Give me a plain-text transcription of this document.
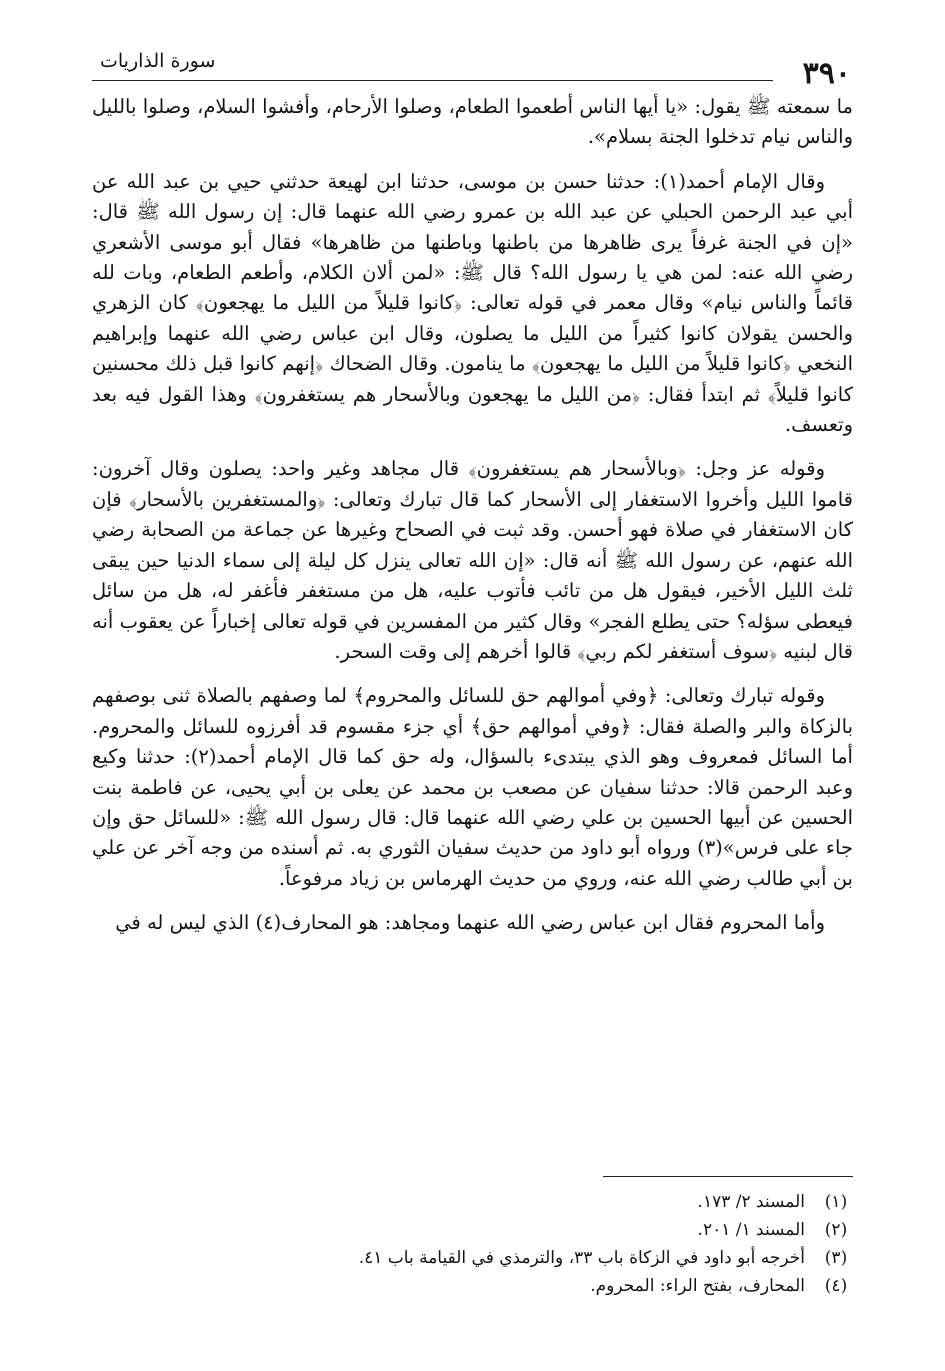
سورة الذاريات	٣٩٠

ما سمعته ﷺ يقول: «يا أيها الناس أطعموا الطعام، وصلوا الأرحام، وأفشوا السلام، وصلوا بالليل والناس نيام تدخلوا الجنة بسلام».

وقال الإمام أحمد(١): حدثنا حسن بن موسى، حدثنا ابن لهيعة حدثني حيي بن عبد الله عن أبي عبد الرحمن الحبلي عن عبد الله بن عمرو رضي الله عنهما قال: إن رسول الله ﷺ قال: «إن في الجنة غرفاً يرى ظاهرها من باطنها وباطنها من ظاهرها» فقال أبو موسى الأشعري رضي الله عنه: لمن هي يا رسول الله؟ قال ﷺ: «لمن ألان الكلام، وأطعم الطعام، وبات لله قائماً والناس نيام» وقال معمر في قوله تعالى: ﴿كانوا قليلاً من الليل ما يهجعون﴾ كان الزهري والحسن يقولان كانوا كثيراً من الليل ما يصلون، وقال ابن عباس رضي الله عنهما وإبراهيم النخعي ﴿كانوا قليلاً من الليل ما يهجعون﴾ ما ينامون. وقال الضحاك ﴿إنهم كانوا قبل ذلك محسنين كانوا قليلاً﴾ ثم ابتدأ فقال: ﴿من الليل ما يهجعون وبالأسحار هم يستغفرون﴾ وهذا القول فيه بعد وتعسف.

وقوله عز وجل: ﴿وبالأسحار هم يستغفرون﴾ قال مجاهد وغير واحد: يصلون وقال آخرون: قاموا الليل وأخروا الاستغفار إلى الأسحار كما قال تبارك وتعالى: ﴿والمستغفرين بالأسحار﴾ فإن كان الاستغفار في صلاة فهو أحسن. وقد ثبت في الصحاح وغيرها عن جماعة من الصحابة رضي الله عنهم، عن رسول الله ﷺ أنه قال: «إن الله تعالى ينزل كل ليلة إلى سماء الدنيا حين يبقى ثلث الليل الأخير، فيقول هل من تائب فأتوب عليه، هل من مستغفر فأغفر له، هل من سائل فيعطى سؤله؟ حتى يطلع الفجر» وقال كثير من المفسرين في قوله تعالى إخباراً عن يعقوب أنه قال لبنيه ﴿سوف أستغفر لكم ربي﴾ قالوا أخرهم إلى وقت السحر.

وقوله تبارك وتعالى: ﴿وفي أموالهم حق للسائل والمحروم﴾ لما وصفهم بالصلاة ثنى بوصفهم بالزكاة والبر والصلة فقال: ﴿وفي أموالهم حق﴾ أي جزء مقسوم قد أفرزوه للسائل والمحروم. أما السائل فمعروف وهو الذي يبتدىء بالسؤال، وله حق كما قال الإمام أحمد(٢): حدثنا وكيع وعبد الرحمن قالا: حدثنا سفيان عن مصعب بن محمد عن يعلى بن أبي يحيى، عن فاطمة بنت الحسين عن أبيها الحسين بن علي رضي الله عنهما قال: قال رسول الله ﷺ: «للسائل حق وإن جاء على فرس»(٣) ورواه أبو داود من حديث سفيان الثوري به. ثم أسنده من وجه آخر عن علي بن أبي طالب رضي الله عنه، وروي من حديث الهرماس بن زياد مرفوعاً.

وأما المحروم فقال ابن عباس رضي الله عنهما ومجاهد: هو المحارف(٤) الذي ليس له في

(١)
المسند ٢/ ١٧٣.
(٢)
المسند ١/ ٢٠١.
(٣)
أخرجه أبو داود في الزكاة باب ٣٣، والترمذي في القيامة باب ٤١.
(٤)
المحارف، بفتح الراء: المحروم.
